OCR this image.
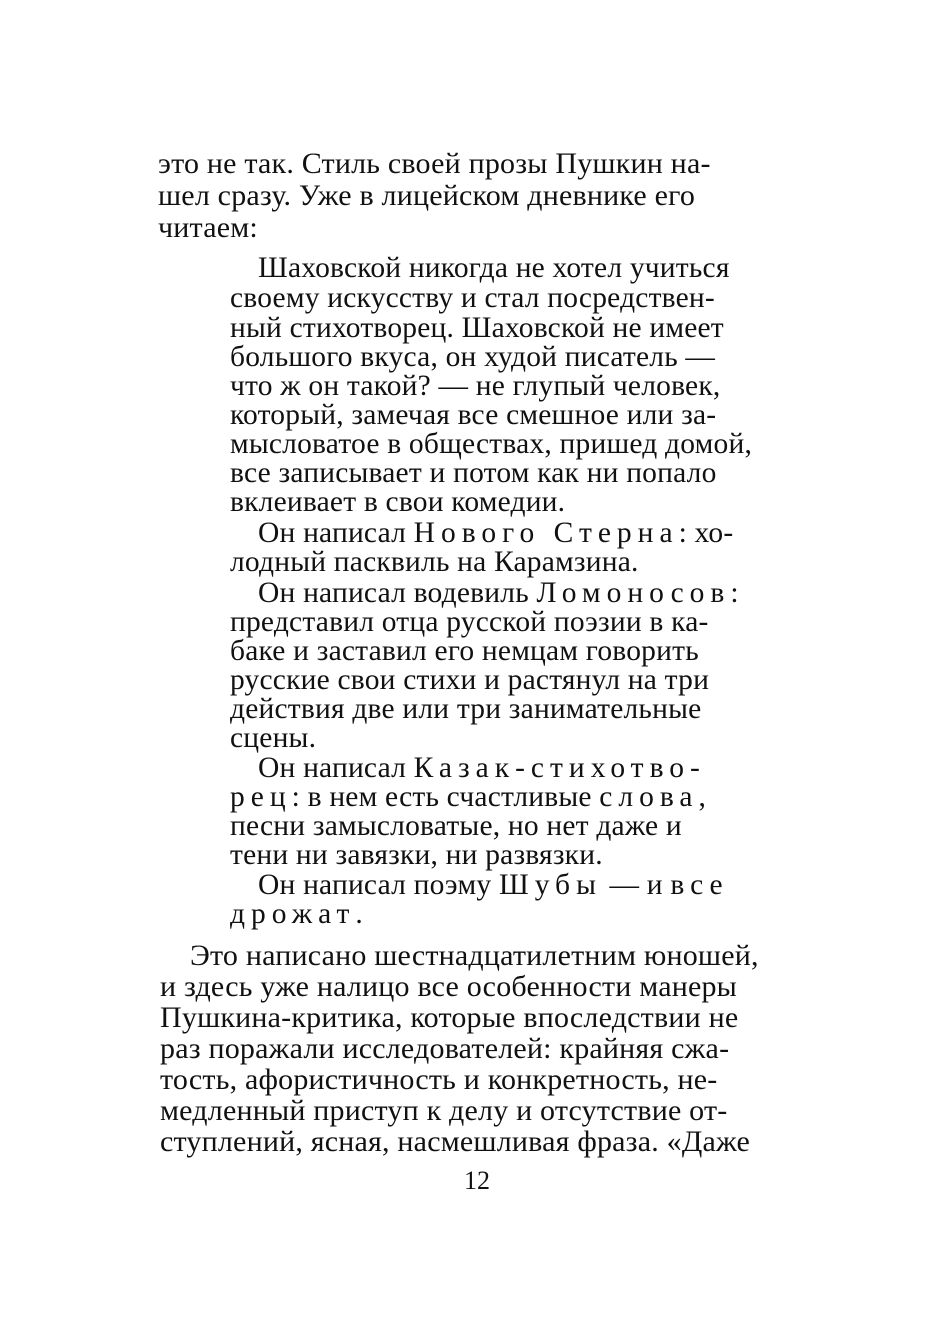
это не так. Стиль своей прозы Пушкин на-
шел сразу. Уже в лицейском дневнике его
читаем:
Шаховской никогда не хотел учиться
своему искусству и стал посредствен-
ный стихотворец. Шаховской не имеет
большого вкуса, он худой писатель —
что ж он такой? — не глупый человек,
который, замечая все смешное или за-
мысловатое в обществах, пришед домой,
все записывает и потом как ни попало
вклеивает в свои комедии.
Он написал Нового Стерна: хо-
лодный пасквиль на Карамзина.
Он написал водевиль Ломоносов:
представил отца русской поэзии в ка-
баке и заставил его немцам говорить
русские свои стихи и растянул на три
действия две или три занимательные
сцены.
Он написал Казак-стихотво-
рец: в нем есть счастливые слова,
песни замысловатые, но нет даже и
тени ни завязки, ни развязки.
Он написал поэму Шубы — и все
дрожат.
Это написано шестнадцатилетним юношей,
и здесь уже налицо все особенности манеры
Пушкина-критика, которые впоследствии не
раз поражали исследователей: крайняя сжа-
тость, афористичность и конкретность, не-
медленный приступ к делу и отсутствие от-
ступлений, ясная, насмешливая фраза. «Даже
12
